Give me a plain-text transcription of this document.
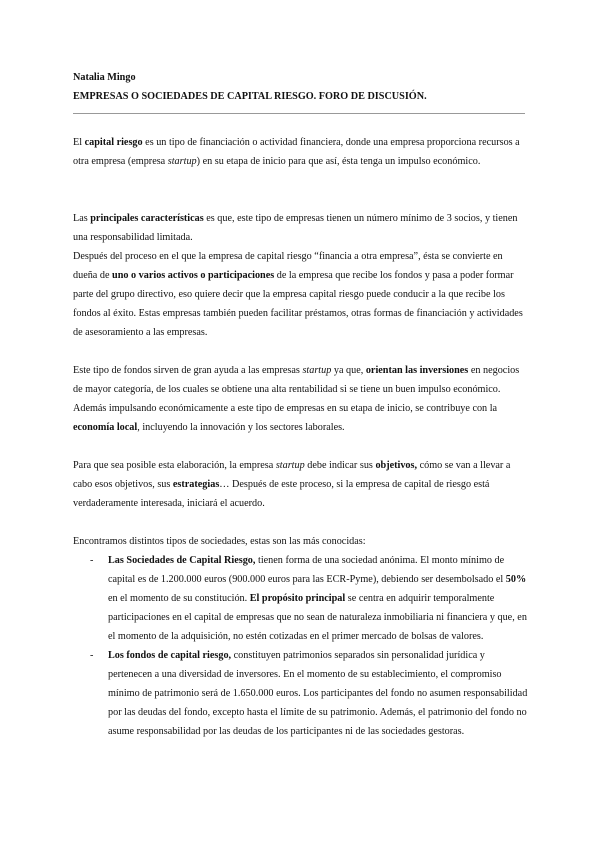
Natalia Mingo

EMPRESAS O SOCIEDADES DE CAPITAL RIESGO. FORO DE DISCUSIÓN.

El capital riesgo es un tipo de financiación o actividad financiera, donde una empresa proporciona recursos a otra empresa (empresa startup) en su etapa de inicio para que así, ésta tenga un impulso económico.

Las principales características es que, este tipo de empresas tienen un número mínimo de 3 socios, y tienen una responsabilidad limitada.

Después del proceso en el que la empresa de capital riesgo “financia a otra empresa”, ésta se convierte en dueña de uno o varios activos o participaciones de la empresa que recibe los fondos y pasa a poder formar parte del grupo directivo, eso quiere decir que la empresa capital riesgo puede conducir a la que recibe los fondos al éxito. Estas empresas también pueden facilitar préstamos, otras formas de financiación y actividades de asesoramiento a las empresas.

Este tipo de fondos sirven de gran ayuda a las empresas startup ya que, orientan las inversiones en negocios de mayor categoría, de los cuales se obtiene una alta rentabilidad si se tiene un buen impulso económico. Además impulsando económicamente a este tipo de empresas en su etapa de inicio, se contribuye con la economía local, incluyendo la innovación y los sectores laborales.

Para que sea posible esta elaboración, la empresa startup debe indicar sus objetivos, cómo se van a llevar a cabo esos objetivos, sus estrategias… Después de este proceso, si la empresa de capital de riesgo está verdaderamente interesada, iniciará el acuerdo.

Encontramos distintos tipos de sociedades, estas son las más conocidas:

- Las Sociedades de Capital Riesgo, tienen forma de una sociedad anónima. El monto mínimo de capital es de 1.200.000 euros (900.000 euros para las ECR-Pyme), debiendo ser desembolsado el 50% en el momento de su constitución. El propósito principal se centra en adquirir temporalmente participaciones en el capital de empresas que no sean de naturaleza inmobiliaria ni financiera y que, en el momento de la adquisición, no estén cotizadas en el primer mercado de bolsas de valores.
- Los fondos de capital riesgo, constituyen patrimonios separados sin personalidad jurídica y pertenecen a una diversidad de inversores. En el momento de su establecimiento, el compromiso mínimo de patrimonio será de 1.650.000 euros. Los participantes del fondo no asumen responsabilidad por las deudas del fondo, excepto hasta el límite de su patrimonio. Además, el patrimonio del fondo no asume responsabilidad por las deudas de los participantes ni de las sociedades gestoras.
